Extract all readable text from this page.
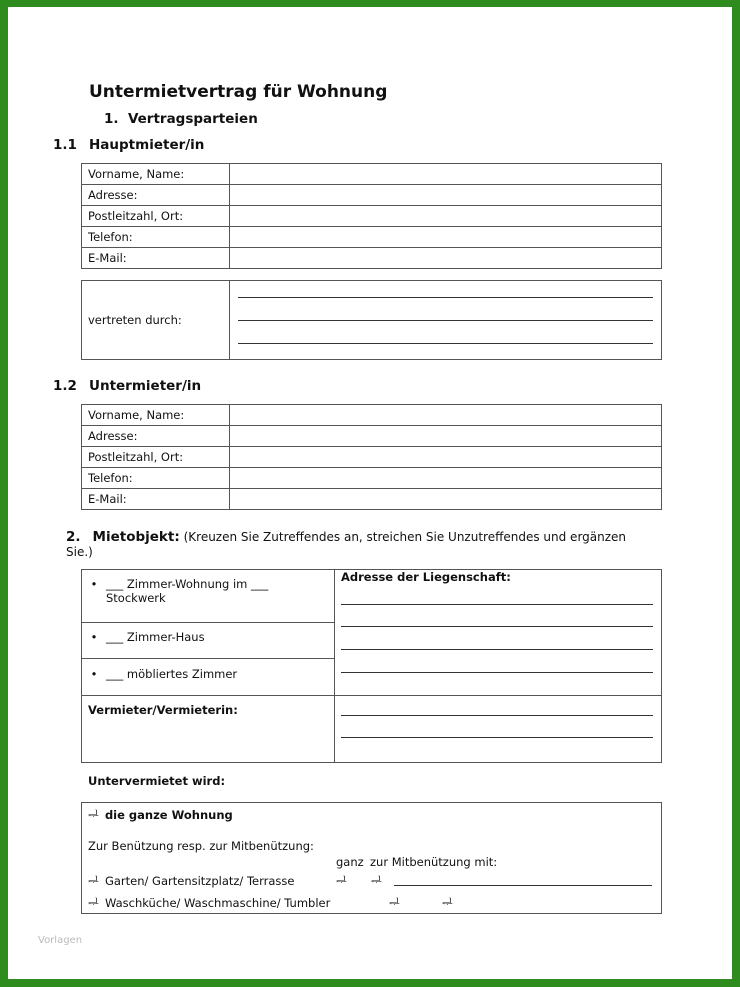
Untermietvertrag für Wohnung
1. Vertragsparteien
1.1 Hauptmieter/in
Vorname, Name:	
Adresse:	
Postleitzahl, Ort:	
Telefon:	
E-Mail:	
vertreten durch:	
1.2 Untermieter/in
Vorname, Name:	
Adresse:	
Postleitzahl, Ort:	
Telefon:	
E-Mail:	
2. Mietobjekt: (Kreuzen Sie Zutreffendes an, streichen Sie Unzutreffendes und ergänzen Sie.)
• ___ Zimmer-Wohnung im ___
Stockwerk
• ___ Zimmer-Haus
• ___ möbliertes Zimmer
Adresse der Liegenschaft:
Vermieter/Vermieterin:
Untervermietet wird:
ᆗ die ganze Wohnung
Zur Benützung resp. zur Mitbenützung:
ganz zur Mitbenützung mit:
ᆗ Garten/ Gartensitzplatz/ Terrasse	ᆗ ᆗ
ᆗ Waschküche/ Waschmaschine/ Tumbler	ᆗ	ᆗ
Vorlagen
